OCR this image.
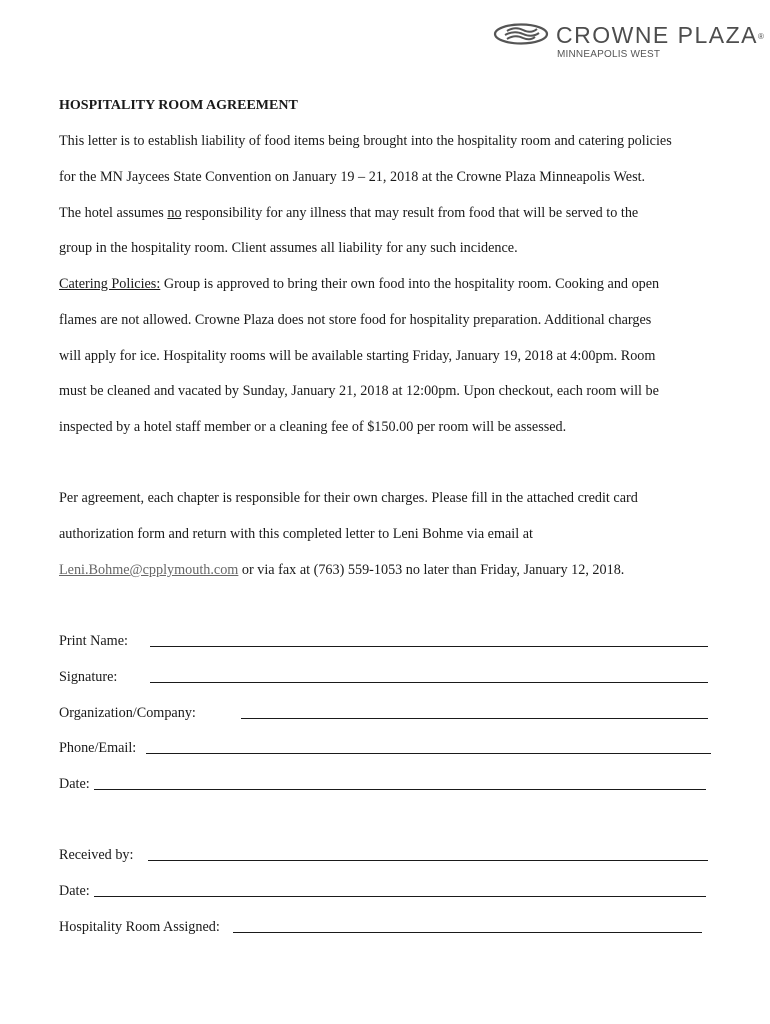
CROWNE PLAZA®
MINNEAPOLIS WEST
HOSPITALITY ROOM AGREEMENT
This letter is to establish liability of food items being brought into the hospitality room and catering policies
for the MN Jaycees State Convention on January 19 – 21, 2018 at the Crowne Plaza Minneapolis West.
The hotel assumes no responsibility for any illness that may result from food that will be served to the
group in the hospitality room. Client assumes all liability for any such incidence.
Catering Policies: Group is approved to bring their own food into the hospitality room. Cooking and open
flames are not allowed. Crowne Plaza does not store food for hospitality preparation. Additional charges
will apply for ice. Hospitality rooms will be available starting Friday, January 19, 2018 at 4:00pm. Room
must be cleaned and vacated by Sunday, January 21, 2018 at 12:00pm. Upon checkout, each room will be
inspected by a hotel staff member or a cleaning fee of $150.00 per room will be assessed.
Per agreement, each chapter is responsible for their own charges. Please fill in the attached credit card
authorization form and return with this completed letter to Leni Bohme via email at
Leni.Bohme@cpplymouth.com or via fax at (763) 559-1053 no later than Friday, January 12, 2018.
Print Name:
Signature:
Organization/Company:
Phone/Email:
Date:
Received by:
Date:
Hospitality Room Assigned:
